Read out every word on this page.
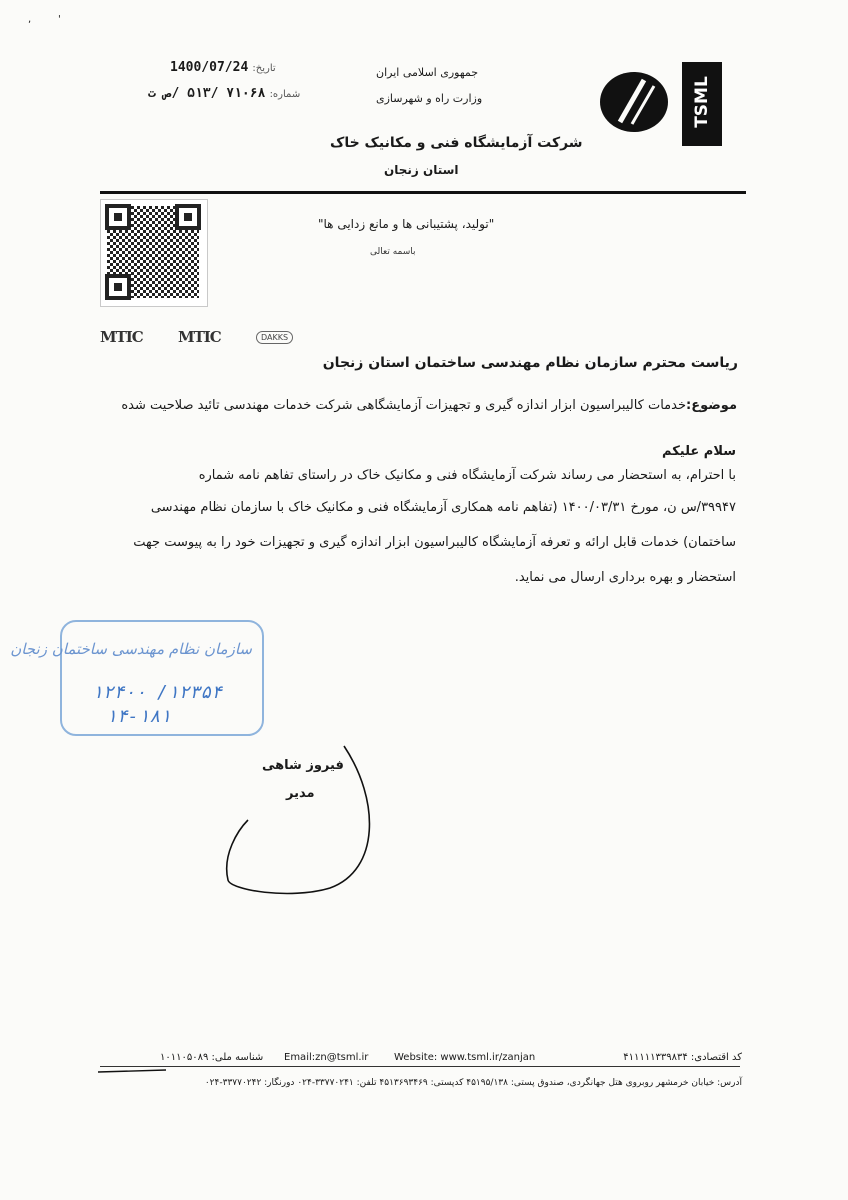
,	'
تاریخ: 1400/07/24
شماره: ۷۱۰۶۸ /۵۱۳ /ص ت
جمهوری اسلامی ایران
وزارت راه و شهرسازی	TSML
شرکت آزمایشگاه فنی و مکانیک خاک
استان زنجان
"تولید، پشتیبانی ها و مانع زدایی ها"
باسمه تعالی
MTIC MTIC	DAKKS
ریاست محترم سازمان نظام مهندسی ساختمان استان زنجان
موضوع:خدمات کالیبراسیون ابزار اندازه گیری و تجهیزات آزمایشگاهی شرکت خدمات مهندسی تائید صلاحیت شده
سلام علیکم
با احترام، به استحضار می رساند شرکت آزمایشگاه فنی و مکانیک خاک در راستای تفاهم نامه شماره
۳۹۹۴۷/س ن، مورخ ۱۴۰۰/۰۳/۳۱ (تفاهم نامه همکاری آزمایشگاه فنی و مکانیک خاک با سازمان نظام مهندسی
ساختمان) خدمات قابل ارائه و تعرفه آزمایشگاه کالیبراسیون ابزار اندازه گیری و تجهیزات خود را به پیوست جهت
استحضار و بهره برداری ارسال می نماید.
سازمان نظام مهندسی ساختمان زنجان
۱۲۴۰۰ /۱۲۳۵۴
۱۴-۱۸۱
فیروز شاهی
مدیر
کد اقتصادی: ۴۱۱۱۱۱۳۳۹۸۳۴
Website: www.tsml.ir/zanjan
Email:zn@tsml.ir
شناسه ملی: ۱۰۱۱۰۵۰۸۹
آدرس: خیابان خرمشهر روبروی هتل جهانگردی، صندوق پستی: ۴۵۱۹۵/۱۳۸ کدپستی: ۴۵۱۳۶۹۳۴۶۹ تلفن: ۳۳۷۷۰۲۴۱-۰۲۴ دورنگار: ۳۳۷۷۰۲۴۲-۰۲۴
